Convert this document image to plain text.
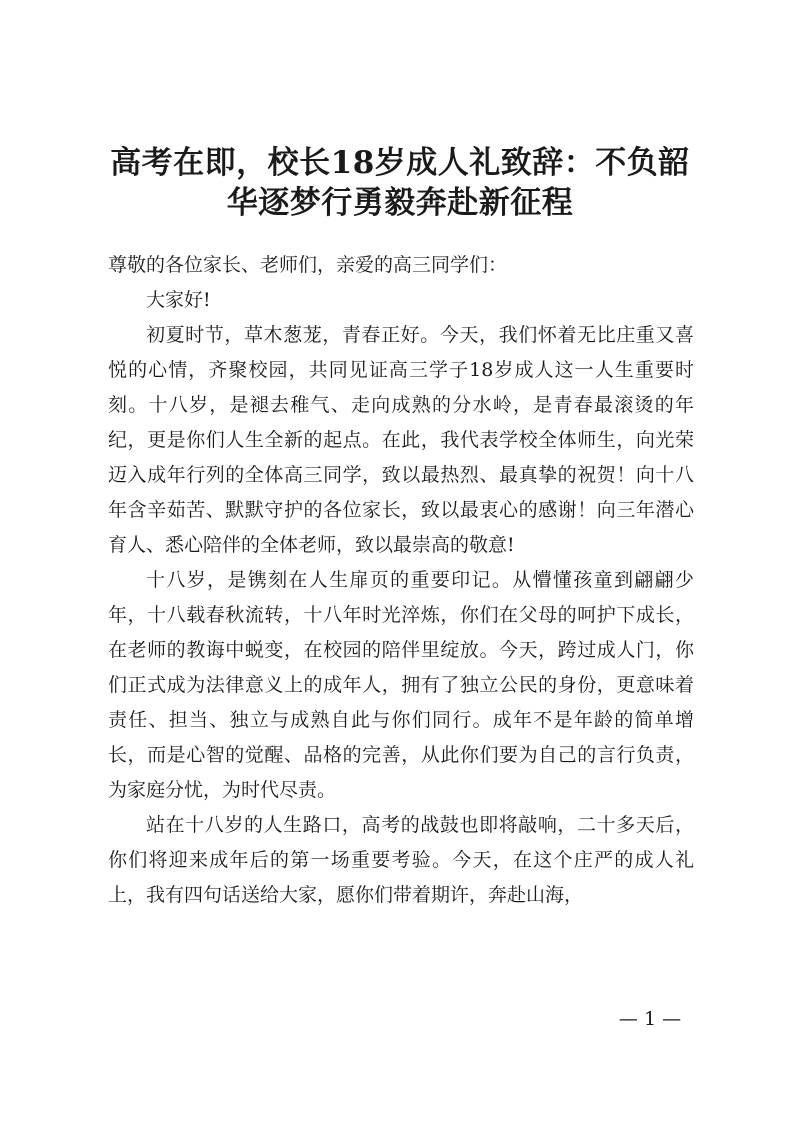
高考在即，校长18岁成人礼致辞：不负韶华逐梦行勇毅奔赴新征程

尊敬的各位家长、老师们，亲爱的高三同学们：

大家好!

初夏时节，草木葱茏，青春正好。今天，我们怀着无比庄重又喜悦的心情，齐聚校园，共同见证高三学子18岁成人这一人生重要时刻。十八岁，是褪去稚气、走向成熟的分水岭，是青春最滚烫的年纪，更是你们人生全新的起点。在此，我代表学校全体师生，向光荣迈入成年行列的全体高三同学，致以最热烈、最真挚的祝贺！向十八年含辛茹苦、默默守护的各位家长，致以最衷心的感谢！向三年潜心育人、悉心陪伴的全体老师，致以最崇高的敬意!

十八岁，是镌刻在人生扉页的重要印记。从懵懂孩童到翩翩少年，十八载春秋流转，十八年时光淬炼，你们在父母的呵护下成长，在老师的教诲中蜕变，在校园的陪伴里绽放。今天，跨过成人门，你们正式成为法律意义上的成年人，拥有了独立公民的身份，更意味着责任、担当、独立与成熟自此与你们同行。成年不是年龄的简单增长，而是心智的觉醒、品格的完善，从此你们要为自己的言行负责，为家庭分忧，为时代尽责。

站在十八岁的人生路口，高考的战鼓也即将敲响，二十多天后，你们将迎来成年后的第一场重要考验。今天，在这个庄严的成人礼上，我有四句话送给大家，愿你们带着期许，奔赴山海，

— 1 —
